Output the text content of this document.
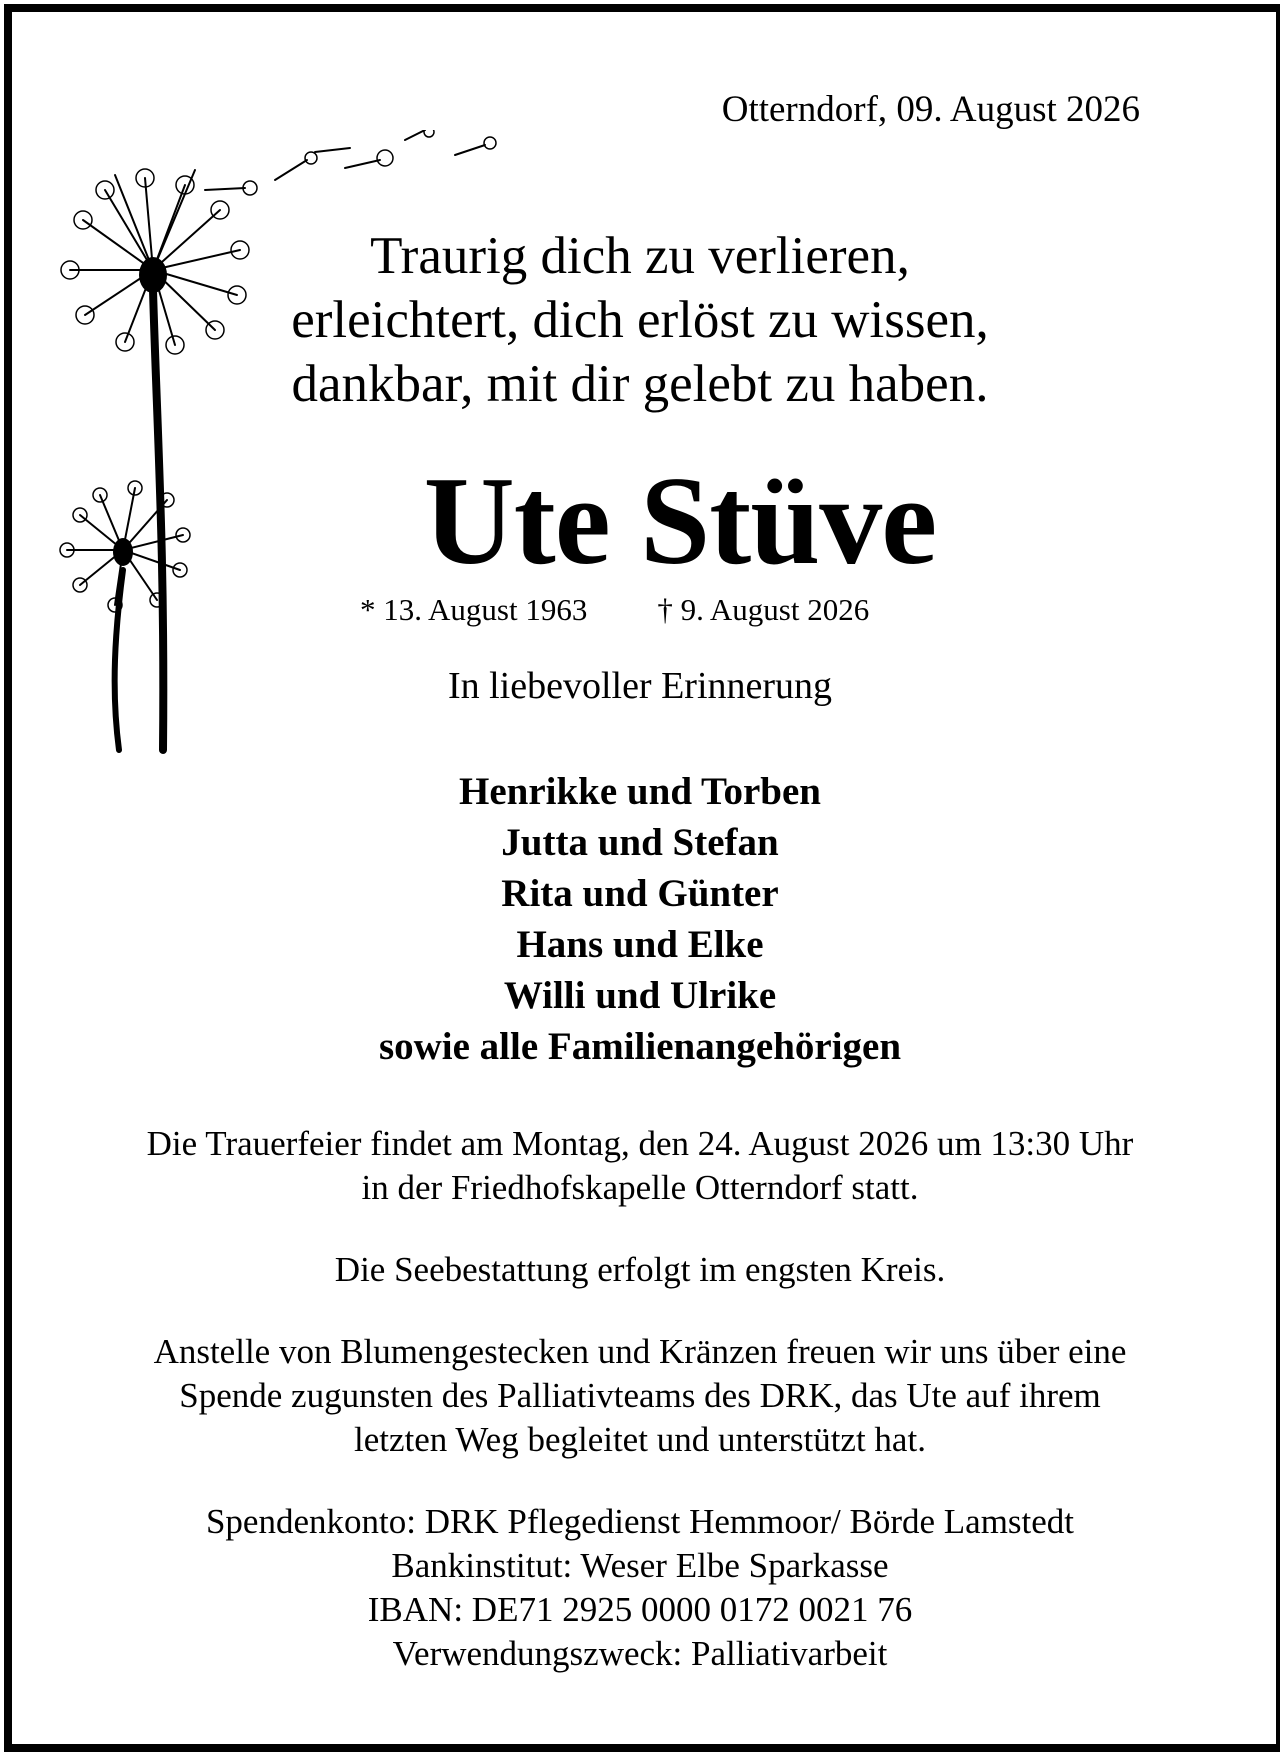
Otterndorf, 09. August 2026
Traurig dich zu verlieren,
erleichtert, dich erlöst zu wissen,
dankbar, mit dir gelebt zu haben.
Ute Stüve
* 13. August 1963 † 9. August 2026
In liebevoller Erinnerung
Henrikke und Torben
Jutta und Stefan
Rita und Günter
Hans und Elke
Willi und Ulrike
sowie alle Familienangehörigen
Die Trauerfeier findet am Montag, den 24. August 2026 um 13:30 Uhr
in der Friedhofskapelle Otterndorf statt.
Die Seebestattung erfolgt im engsten Kreis.
Anstelle von Blumengestecken und Kränzen freuen wir uns über eine
Spende zugunsten des Palliativteams des DRK, das Ute auf ihrem
letzten Weg begleitet und unterstützt hat.
Spendenkonto: DRK Pflegedienst Hemmoor/ Börde Lamstedt
Bankinstitut: Weser Elbe Sparkasse
IBAN: DE71 2925 0000 0172 0021 76
Verwendungszweck: Palliativarbeit
